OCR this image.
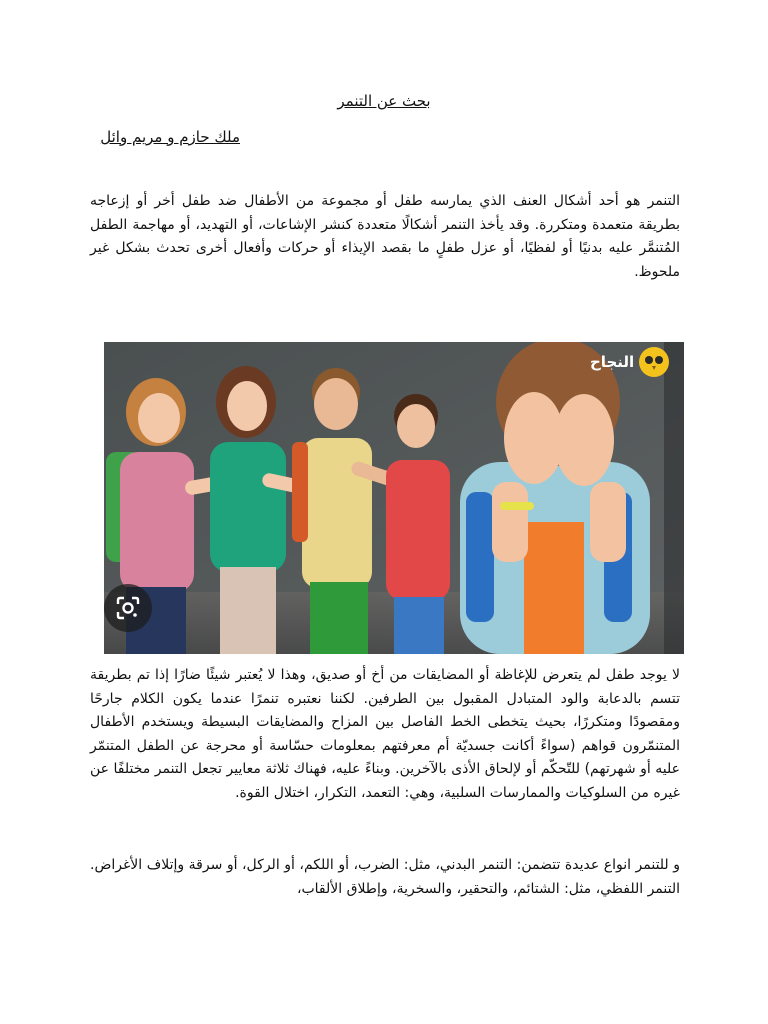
بحث عن التنمر

ملك حازم و مريم وائل

التنمر هو أحد أشكال العنف الذي يمارسه طفل أو مجموعة من الأطفال ضد طفل أخر أو إزعاجه بطريقة متعمدة ومتكررة. وقد يأخذ التنمر أشكالًا متعددة كنشر الإشاعات، أو التهديد، أو مهاجمة الطفل المُتنمَّر عليه بدنيًا أو لفظيًا، أو عزل طفلٍ ما بقصد الإيذاء أو حركات وأفعال أخرى تحدث بشكل غير ملحوظ.

النجاح

لا يوجد طفل لم يتعرض للإغاظة أو المضايقات من أخ أو صديق، وهذا لا يُعتبر شيئًا ضارًا إذا تم بطريقة تتسم بالدعابة والود المتبادل المقبول بين الطرفين. لكننا نعتبره تنمرًا عندما يكون الكلام جارحًا ومقصودًا ومتكررًا، بحيث يتخطى الخط الفاصل بين المزاح والمضايقات البسيطة ويستخدم الأطفال المتنمّرون قواهم (سواءً أكانت جسديّة أم معرفتهم بمعلومات حسّاسة أو محرجة عن الطفل المتنمّر عليه أو شهرتهم) للتّحكّم أو لإلحاق الأذى بالآخرين. وبناءً عليه، فهناك ثلاثة معايير تجعل التنمر مختلفًا عن غيره من السلوكيات والممارسات السلبية، وهي: التعمد، التكرار، اختلال القوة.

و للتنمر انواع عديدة تتضمن: التنمر البدني، مثل: الضرب، أو اللكم، أو الركل، أو سرقة وإتلاف الأغراض. التنمر اللفظي، مثل: الشتائم، والتحقير، والسخرية، وإطلاق الألقاب،
